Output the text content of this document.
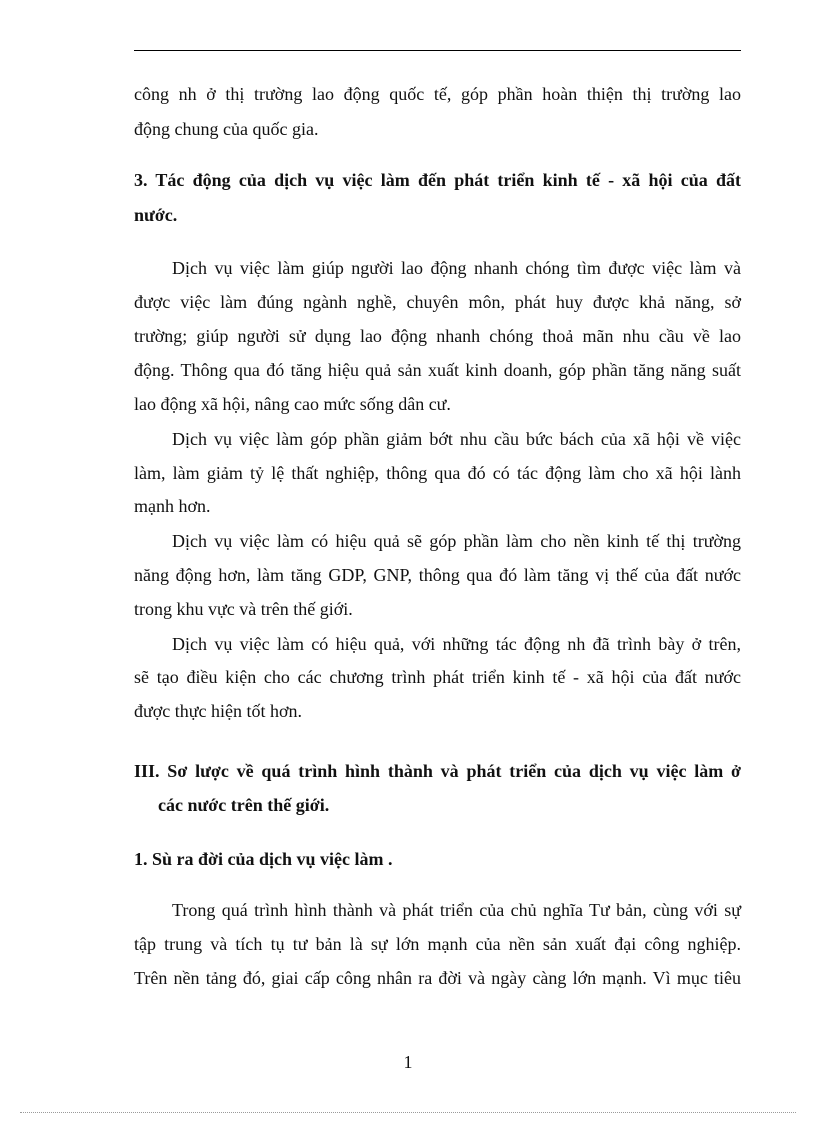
công nh ở thị trường lao động quốc tế, góp phần hoàn thiện thị trường lao
động chung của quốc gia.
3. Tác động của dịch vụ việc làm đến phát triển kinh tế - xã hội của đất
nước.
Dịch vụ việc làm giúp người lao động nhanh chóng tìm được việc làm và
được việc làm đúng ngành nghề, chuyên môn, phát huy được khả năng, sở
trường; giúp người sử dụng lao động nhanh chóng thoả mãn nhu cầu về lao
động. Thông qua đó tăng hiệu quả sản xuất kinh doanh, góp phần tăng năng suất
lao động xã hội, nâng cao mức sống dân cư.
Dịch vụ việc làm góp phần giảm bớt nhu cầu bức bách của xã hội về việc
làm, làm giảm tỷ lệ thất nghiệp, thông qua đó có tác động làm cho xã hội lành
mạnh hơn.
Dịch vụ việc làm có hiệu quả sẽ góp phần làm cho nền kinh tế thị trường
năng động hơn, làm tăng GDP, GNP, thông qua đó làm tăng vị thế của đất nước
trong khu vực và trên thế giới.
Dịch vụ việc làm có hiệu quả, với những tác động nh đã trình bày ở trên,
sẽ tạo điều kiện cho các chương trình phát triển kinh tế - xã hội của đất nước
được thực hiện tốt hơn.
III. Sơ lược về quá trình hình thành và phát triển của dịch vụ việc làm ở
các nước trên thế giới.
1. Sù ra đời của dịch vụ việc làm .
Trong quá trình hình thành và phát triển của chủ nghĩa Tư bản, cùng với sự
tập trung và tích tụ tư bản là sự lớn mạnh của nền sản xuất đại công nghiệp.
Trên nền tảng đó, giai cấp công nhân ra đời và ngày càng lớn mạnh. Vì mục tiêu
1
